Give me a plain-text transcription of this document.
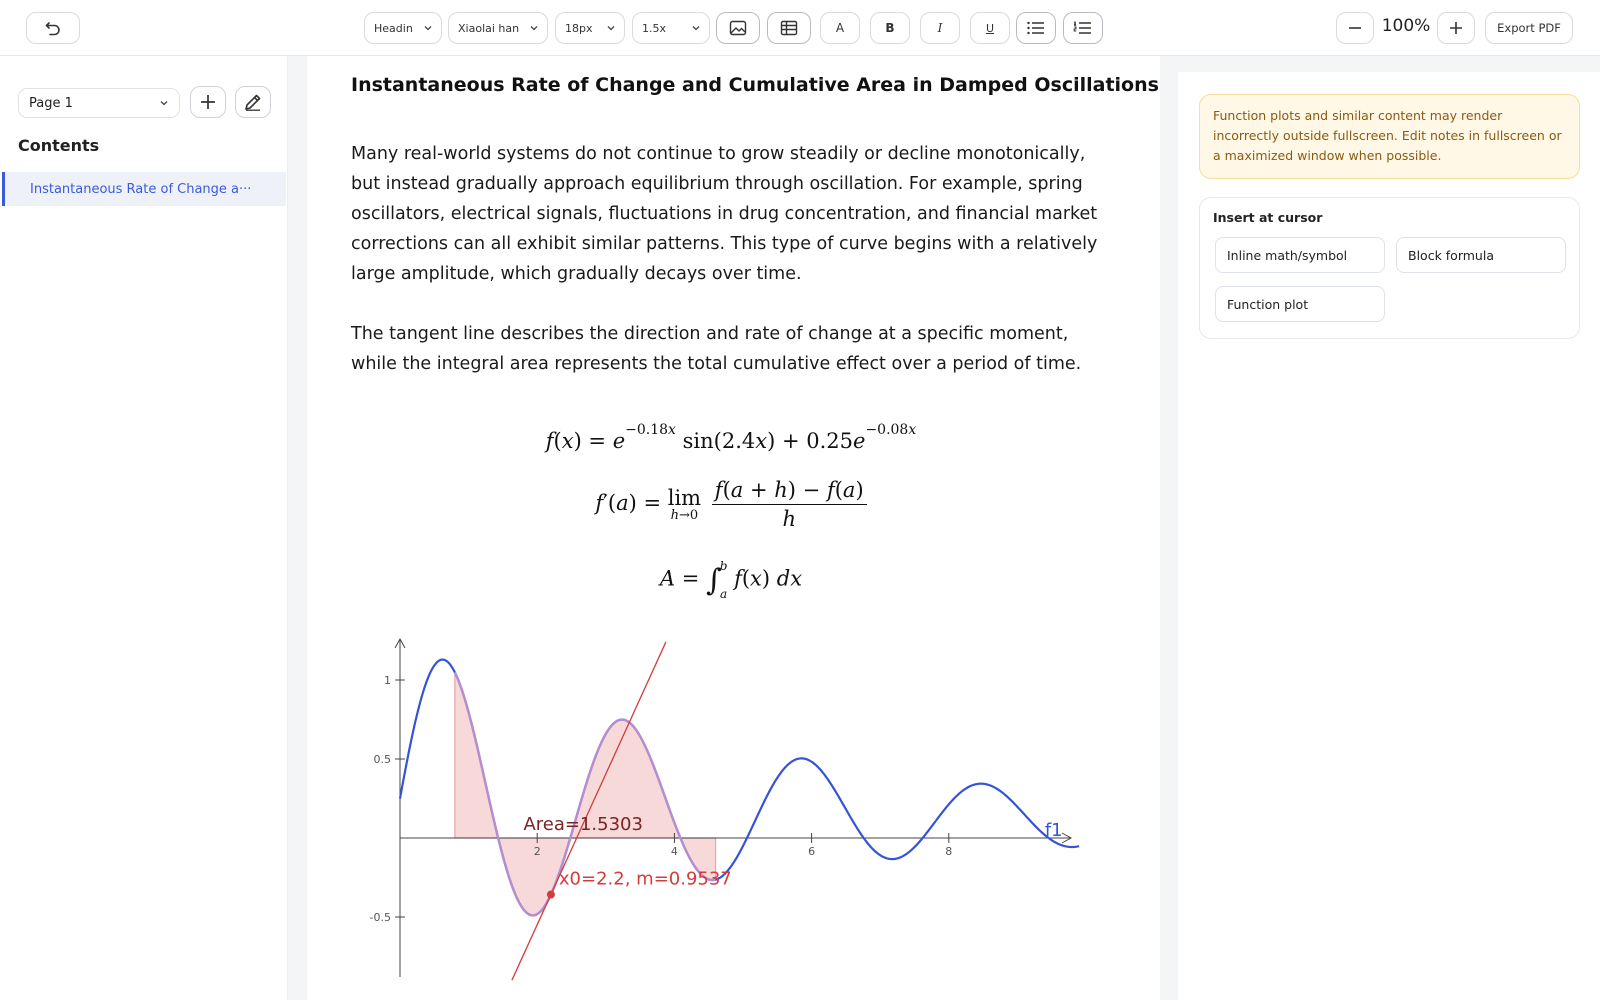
Headin	Xiaolai han	18px	1.5x	A	B	I	U	100%	Export PDF
Page 1
Contents
Instantaneous Rate of Change a···
Instantaneous Rate of Change and Cumulative Area in Damped Oscillations
Many real-world systems do not continue to grow steadily or decline monotonically, but instead gradually approach equilibrium through oscillation. For example, spring oscillators, electrical signals, fluctuations in drug concentration, and financial market corrections can all exhibit similar patterns. This type of curve begins with a relatively large amplitude, which gradually decays over time.
The tangent line describes the direction and rate of change at a specific moment, while the integral area represents the total cumulative effect over a period of time.
$f(x) = e^{-0.18x}$ $\sin(2.4x) + 0.25e^{-0.08x}$
f′(a) = lim
h→0
$\frac{f(a + h) - f(a)}{h}$
A = ∫
b
a
f(x) dx
2	4	6	8
1
0.5
-0.5
Area=1.5303
x0=2.2, m=0.9537
f1
Function plots and similar content may render incorrectly outside fullscreen. Edit notes in fullscreen or a maximized window when possible.
Insert at cursor
Inline math/symbol	Block formula
Function plot
